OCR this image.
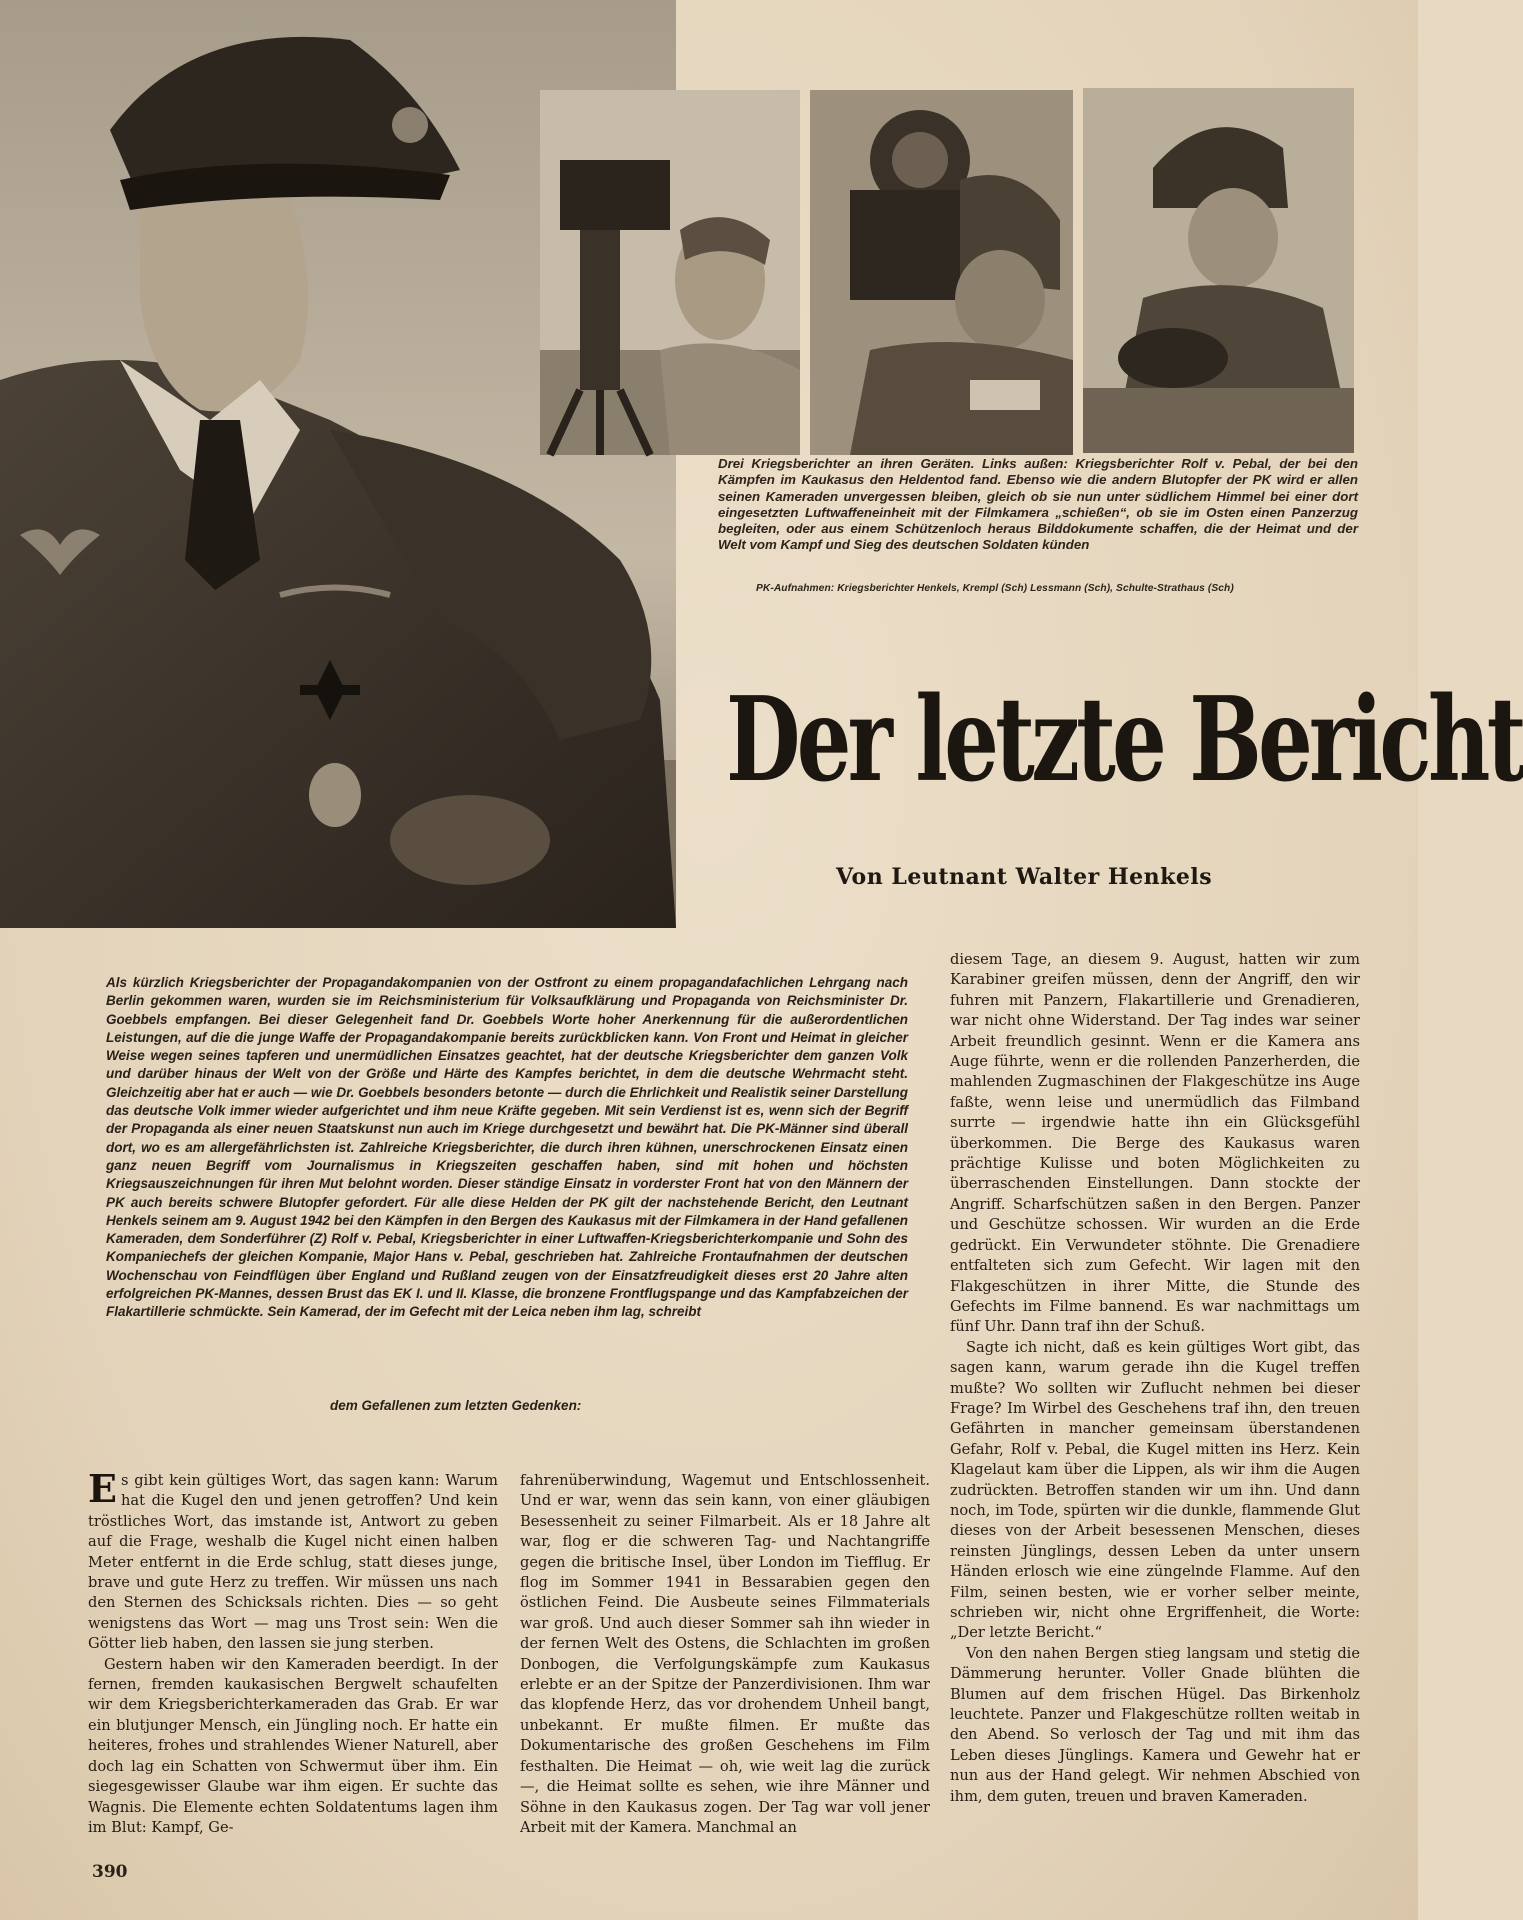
Drei Kriegsberichter an ihren Geräten. Links außen: Kriegsberichter Rolf v. Pebal, der bei den Kämpfen im Kaukasus den Heldentod fand. Ebenso wie die andern Blutopfer der PK wird er allen seinen Kameraden unvergessen bleiben, gleich ob sie nun unter südlichem Himmel bei einer dort eingesetzten Luftwaffeneinheit mit der Filmkamera „schießen“, ob sie im Osten einen Panzerzug begleiten, oder aus einem Schützenloch heraus Bilddokumente schaffen, die der Heimat und der Welt vom Kampf und Sieg des deutschen Soldaten künden
PK-Aufnahmen: Kriegsberichter Henkels, Krempl (Sch) Lessmann (Sch), Schulte-Strathaus (Sch)
Der letzte Bericht
Von Leutnant Walter Henkels
Als kürzlich Kriegsberichter der Propagandakompanien von der Ostfront zu einem propagandafachlichen Lehrgang nach Berlin gekommen waren, wurden sie im Reichsministerium für Volksaufklärung und Propaganda von Reichsminister Dr. Goebbels empfangen. Bei dieser Gelegenheit fand Dr. Goebbels Worte hoher Anerkennung für die außerordentlichen Leistungen, auf die die junge Waffe der Propagandakompanie bereits zurückblicken kann. Von Front und Heimat in gleicher Weise wegen seines tapferen und unermüdlichen Einsatzes geachtet, hat der deutsche Kriegsberichter dem ganzen Volk und darüber hinaus der Welt von der Größe und Härte des Kampfes berichtet, in dem die deutsche Wehrmacht steht. Gleichzeitig aber hat er auch — wie Dr. Goebbels besonders betonte — durch die Ehrlichkeit und Realistik seiner Darstellung das deutsche Volk immer wieder aufgerichtet und ihm neue Kräfte gegeben. Mit sein Verdienst ist es, wenn sich der Begriff der Propaganda als einer neuen Staatskunst nun auch im Kriege durchgesetzt und bewährt hat. Die PK-Männer sind überall dort, wo es am allergefährlichsten ist. Zahlreiche Kriegsberichter, die durch ihren kühnen, unerschrockenen Einsatz einen ganz neuen Begriff vom Journalismus in Kriegszeiten geschaffen haben, sind mit hohen und höchsten Kriegsauszeichnungen für ihren Mut belohnt worden. Dieser ständige Einsatz in vorderster Front hat von den Männern der PK auch bereits schwere Blutopfer gefordert. Für alle diese Helden der PK gilt der nachstehende Bericht, den Leutnant Henkels seinem am 9. August 1942 bei den Kämpfen in den Bergen des Kaukasus mit der Filmkamera in der Hand gefallenen Kameraden, dem Sonderführer (Z) Rolf v. Pebal, Kriegsberichter in einer Luftwaffen-Kriegsberichterkompanie und Sohn des Kompaniechefs der gleichen Kompanie, Major Hans v. Pebal, geschrieben hat. Zahlreiche Frontaufnahmen der deutschen Wochenschau von Feindflügen über England und Rußland zeugen von der Einsatzfreudigkeit dieses erst 20 Jahre alten erfolgreichen PK-Mannes, dessen Brust das EK I. und II. Klasse, die bronzene Frontflugspange und das Kampfabzeichen der Flakartillerie schmückte. Sein Kamerad, der im Gefecht mit der Leica neben ihm lag, schreibt
dem Gefallenen zum letzten Gedenken:

Es gibt kein gültiges Wort, das sagen kann: Warum hat die Kugel den und jenen getroffen? Und kein tröstliches Wort, das imstande ist, Antwort zu geben auf die Frage, weshalb die Kugel nicht einen halben Meter entfernt in die Erde schlug, statt dieses junge, brave und gute Herz zu treffen. Wir müssen uns nach den Sternen des Schicksals richten. Dies — so geht wenigstens das Wort — mag uns Trost sein: Wen die Götter lieb haben, den lassen sie jung sterben.

Gestern haben wir den Kameraden beerdigt. In der fernen, fremden kaukasischen Bergwelt schaufelten wir dem Kriegsberichterkameraden das Grab. Er war ein blutjunger Mensch, ein Jüngling noch. Er hatte ein heiteres, frohes und strahlendes Wiener Naturell, aber doch lag ein Schatten von Schwermut über ihm. Ein siegesgewisser Glaube war ihm eigen. Er suchte das Wagnis. Die Elemente echten Soldatentums lagen ihm im Blut: Kampf, Ge-

fahrenüberwindung, Wagemut und Entschlossenheit. Und er war, wenn das sein kann, von einer gläubigen Besessenheit zu seiner Filmarbeit. Als er 18 Jahre alt war, flog er die schweren Tag- und Nachtangriffe gegen die britische Insel, über London im Tiefflug. Er flog im Sommer 1941 in Bessarabien gegen den östlichen Feind. Die Ausbeute seines Filmmaterials war groß. Und auch dieser Sommer sah ihn wieder in der fernen Welt des Ostens, die Schlachten im großen Donbogen, die Verfolgungskämpfe zum Kaukasus erlebte er an der Spitze der Panzerdivisionen. Ihm war das klopfende Herz, das vor drohendem Unheil bangt, unbekannt. Er mußte filmen. Er mußte das Dokumentarische des großen Geschehens im Film festhalten. Die Heimat — oh, wie weit lag die zurück —, die Heimat sollte es sehen, wie ihre Männer und Söhne in den Kaukasus zogen. Der Tag war voll jener Arbeit mit der Kamera. Manchmal an

diesem Tage, an diesem 9. August, hatten wir zum Karabiner greifen müssen, denn der Angriff, den wir fuhren mit Panzern, Flakartillerie und Grenadieren, war nicht ohne Widerstand. Der Tag indes war seiner Arbeit freundlich gesinnt. Wenn er die Kamera ans Auge führte, wenn er die rollenden Panzerherden, die mahlenden Zugmaschinen der Flakgeschütze ins Auge faßte, wenn leise und unermüdlich das Filmband surrte — irgendwie hatte ihn ein Glücksgefühl überkommen. Die Berge des Kaukasus waren prächtige Kulisse und boten Möglichkeiten zu überraschenden Einstellungen. Dann stockte der Angriff. Scharfschützen saßen in den Bergen. Panzer und Geschütze schossen. Wir wurden an die Erde gedrückt. Ein Verwundeter stöhnte. Die Grenadiere entfalteten sich zum Gefecht. Wir lagen mit den Flakgeschützen in ihrer Mitte, die Stunde des Gefechts im Filme bannend. Es war nachmittags um fünf Uhr. Dann traf ihn der Schuß.

Sagte ich nicht, daß es kein gültiges Wort gibt, das sagen kann, warum gerade ihn die Kugel treffen mußte? Wo sollten wir Zuflucht nehmen bei dieser Frage? Im Wirbel des Geschehens traf ihn, den treuen Gefährten in mancher gemeinsam überstandenen Gefahr, Rolf v. Pebal, die Kugel mitten ins Herz. Kein Klagelaut kam über die Lippen, als wir ihm die Augen zudrückten. Betroffen standen wir um ihn. Und dann noch, im Tode, spürten wir die dunkle, flammende Glut dieses von der Arbeit besessenen Menschen, dieses reinsten Jünglings, dessen Leben da unter unsern Händen erlosch wie eine züngelnde Flamme. Auf den Film, seinen besten, wie er vorher selber meinte, schrieben wir, nicht ohne Ergriffenheit, die Worte: „Der letzte Bericht.“

Von den nahen Bergen stieg langsam und stetig die Dämmerung herunter. Voller Gnade blühten die Blumen auf dem frischen Hügel. Das Birkenholz leuchtete. Panzer und Flakgeschütze rollten weitab in den Abend. So verlosch der Tag und mit ihm das Leben dieses Jünglings. Kamera und Gewehr hat er nun aus der Hand gelegt. Wir nehmen Abschied von ihm, dem guten, treuen und braven Kameraden.

390
